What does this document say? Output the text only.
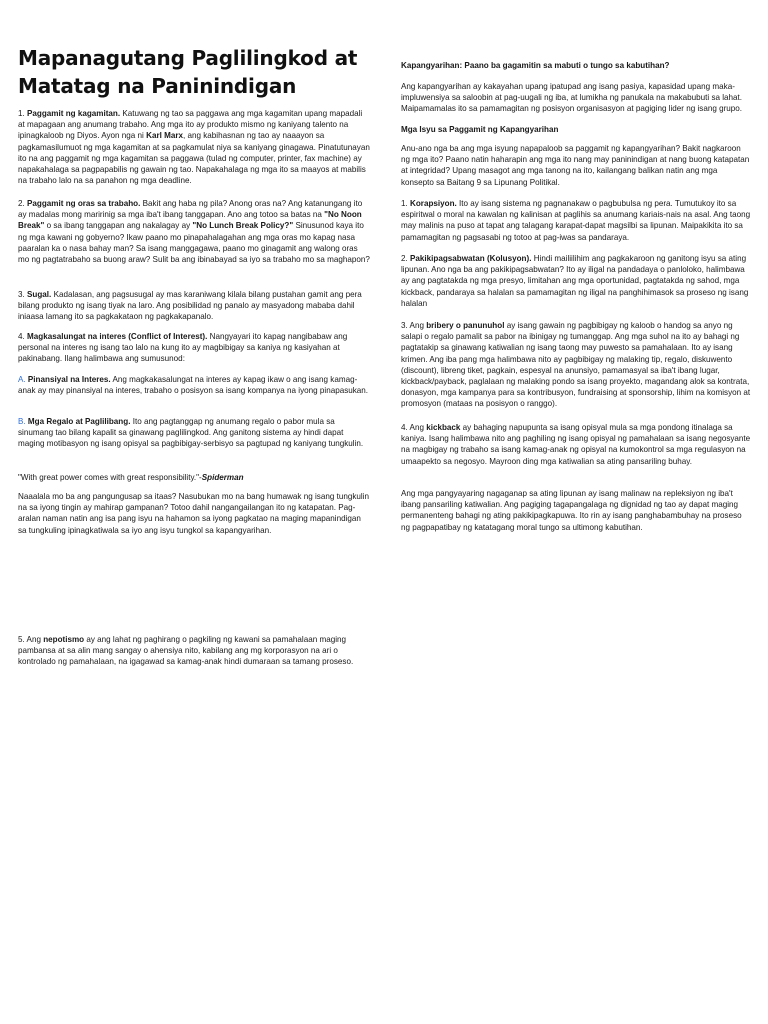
Mapanagutang Paglilingkod at Matatag na Paninindigan

1. Paggamit ng kagamitan. Katuwang ng tao sa paggawa ang mga kagamitan upang mapadali at mapagaan ang anumang trabaho. Ang mga ito ay produkto mismo ng kaniyang talento na ipinagkaloob ng Diyos. Ayon nga ni Karl Marx, ang kabihasnan ng tao ay naaayon sa pagkamasilumuot ng mga kagamitan at sa pagkamulat niya sa kaniyang ginagawa. Pinatutunayan ito na ang paggamit ng mga kagamitan sa paggawa (tulad ng computer, printer, fax machine) ay napakahalaga sa pagpapabilis ng gawain ng tao. Napakahalaga ng mga ito sa maayos at mabilis na trabaho lalo na sa panahon ng mga deadline.

2. Paggamit ng oras sa trabaho. Bakit ang haba ng pila? Anong oras na? Ang katanungang ito ay madalas mong maririnig sa mga iba't ibang tanggapan. Ano ang totoo sa batas na "No Noon Break" o sa ibang tanggapan ang nakalagay ay "No Lunch Break Policy?" Sinusunod kaya ito ng mga kawani ng gobyerno? Ikaw paano mo pinapahalagahan ang mga oras mo kapag nasa paaralan ka o nasa bahay man? Sa isang manggagawa, paano mo ginagamit ang walong oras mo ng pagtatrabaho sa buong araw? Sulit ba ang ibinabayad sa iyo sa trabaho mo sa maghapon?

3. Sugal. Kadalasan, ang pagsusugal ay mas karaniwang kilala bilang pustahan gamit ang pera bilang produkto ng isang tiyak na laro. Ang posibilidad ng panalo ay masyadong mababa dahil iniaasa lamang ito sa pagkakataon ng pagkakapanalo.

4. Magkasalungat na interes (Conflict of Interest). Nangyayari ito kapag nangibabaw ang personal na interes ng isang tao lalo na kung ito ay magbibigay sa kaniya ng kasiyahan at pakinabang. Ilang halimbawa ang sumusunod:

A. Pinansiyal na Interes. Ang magkakasalungat na interes ay kapag ikaw o ang isang kamag-anak ay may pinansiyal na interes, trabaho o posisyon sa isang kompanya na iyong pinapasukan.

B. Mga Regalo at Paglilibang. Ito ang pagtanggap ng anumang regalo o pabor mula sa sinumang tao bilang kapalit sa ginawang paglilingkod. Ang ganitong sistema ay hindi dapat maging motibasyon ng isang opisyal sa pagbibigay-serbisyo sa pagtupad ng kaniyang tungkulin.

"With great power comes with great responsibility."-Spiderman

Naaalala mo ba ang pangungusap sa itaas? Nasubukan mo na bang humawak ng isang tungkulin na sa iyong tingin ay mahirap gampanan? Totoo dahil nangangailangan ito ng katapatan. Pag-aralan naman natin ang isa pang isyu na hahamon sa iyong pagkatao na maging mapanindigan sa tungkuling ipinagkatiwala sa iyo ang isyu tungkol sa kapangyarihan.

5. Ang nepotismo ay ang lahat ng paghirang o pagkiling ng kawani sa pamahalaan maging pambansa at sa alin mang sangay o ahensiya nito, kabilang ang mg korporasyon na ari o kontrolado ng pamahalaan, na igagawad sa kamag-anak hindi dumaraan sa tamang proseso.

Kapangyarihan: Paano ba gagamitin sa mabuti o tungo sa kabutihan?

Ang kapangyarihan ay kakayahan upang ipatupad ang isang pasiya, kapasidad upang maka-impluwensiya sa saloobin at pag-uugali ng iba, at lumikha ng panukala na makabubuti sa lahat. Maipamamalas ito sa pamamagitan ng posisyon organisasyon at pagiging lider ng isang grupo.

Mga Isyu sa Paggamit ng Kapangyarihan

Anu-ano nga ba ang mga isyung napapaloob sa paggamit ng kapangyarihan? Bakit nagkaroon ng mga ito? Paano natin haharapin ang mga ito nang may paninindigan at nang buong katapatan at integridad? Upang masagot ang mga tanong na ito, kailangang balikan natin ang mga konsepto sa Baitang 9 sa Lipunang Politikal.

1. Korapsiyon. Ito ay isang sistema ng pagnanakaw o pagbubulsa ng pera. Tumutukoy ito sa espiritwal o moral na kawalan ng kalinisan at paglihis sa anumang kariais-nais na asal. Ang taong may malinis na puso at tapat ang talagang karapat-dapat magsilbi sa lipunan. Maipakikita ito sa pamamagitan ng pagsasabi ng totoo at pag-iwas sa pandaraya.

2. Pakikipagsabwatan (Kolusyon). Hindi mailiilihim ang pagkakaroon ng ganitong isyu sa ating lipunan. Ano nga ba ang pakikipagsabwatan? Ito ay iligal na pandadaya o panloloko, halimbawa ay ang pagtatakda ng mga presyo, limitahan ang mga oportunidad, pagtatakda ng sahod, mga kickback, pandaraya sa halalan sa pamamagitan ng iligal na panghihimasok sa proseso ng isang halalan

3. Ang bribery o panunuhol ay isang gawain ng pagbibigay ng kaloob o handog sa anyo ng salapi o regalo pamalit sa pabor na ibinigay ng tumanggap. Ang mga suhol na ito ay bahagi ng pagtatakip sa ginawang katiwalian ng isang taong may puwesto sa pamahalaan. Ito ay isang krimen. Ang iba pang mga halimbawa nito ay pagbibigay ng malaking tip, regalo, diskuwento (discount), libreng tiket, pagkain, espesyal na anunsiyo, pamamasyal sa iba't ibang lugar, kickback/payback, paglalaan ng malaking pondo sa isang proyekto, magandang alok sa kontrata, donasyon, mga kampanya para sa kontribusyon, fundraising at sponsorship, lihim na komisyon at promosyon (mataas na posisyon o ranggo).

4. Ang kickback ay bahaging napupunta sa isang opisyal mula sa mga pondong itinalaga sa kaniya. Isang halimbawa nito ang paghiling ng isang opisyal ng pamahalaan sa isang negosyante na magbigay ng trabaho sa isang kamag-anak ng opisyal na kumokontrol sa mga regulasyon na umaapekto sa negosyo. Mayroon ding mga katiwalian sa ating pansariling buhay.

Ang mga pangyayaring nagaganap sa ating lipunan ay isang malinaw na repleksiyon ng iba't ibang pansariling katiwalian. Ang pagiging tagapangalaga ng dignidad ng tao ay dapat maging permanenteng bahagi ng ating pakikipagkapuwa. Ito rin ay isang panghabambuhay na proseso ng pagpapatibay ng katatagang moral tungo sa ultimong kabutihan.
